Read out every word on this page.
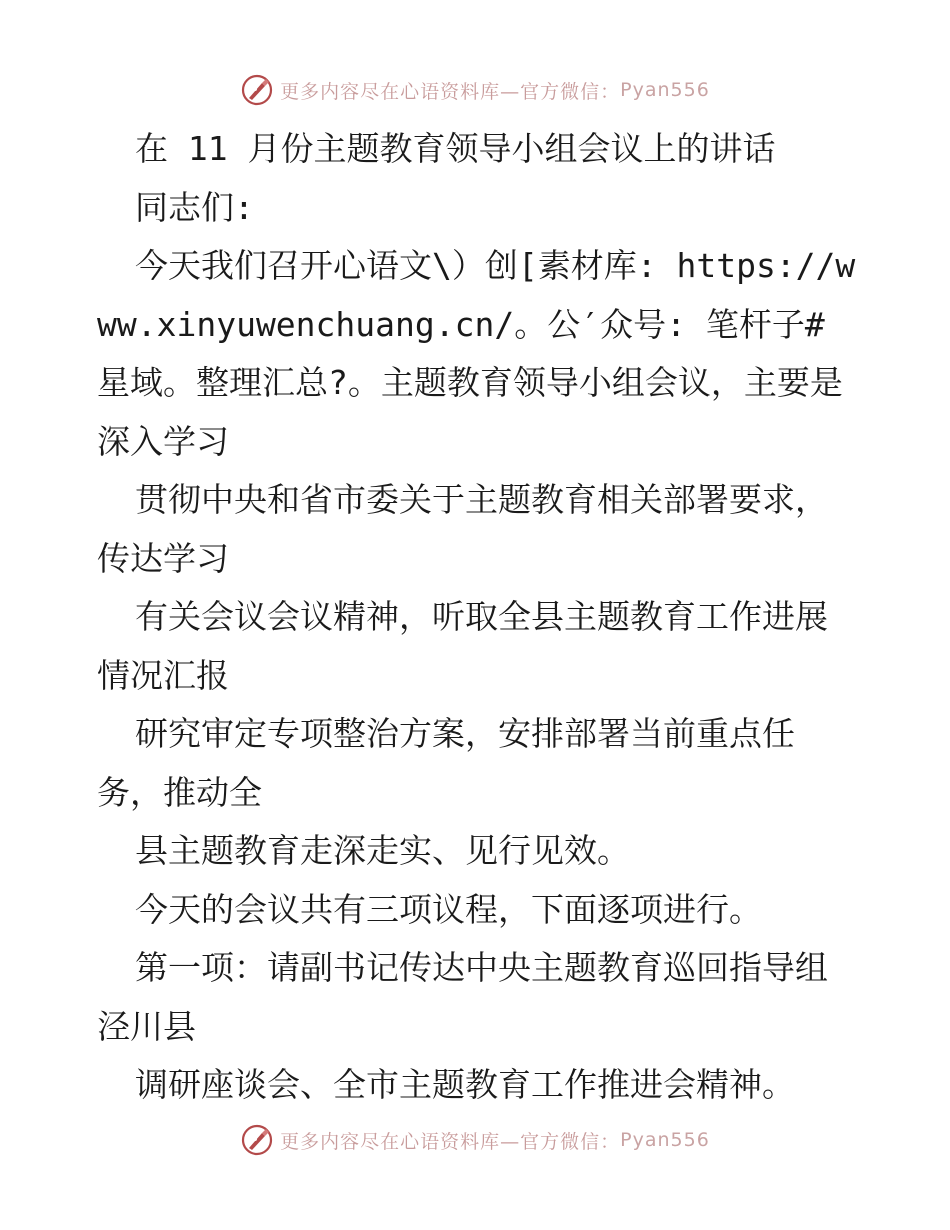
更多内容尽在心语资料库—官方微信： Pyan556

在 11 月份主题教育领导小组会议上的讲话

同志们:

今天我们召开心语文\）创[素材库: https://www.xinyuwenchuang.cn/。公′众号: 笔杆子#星域。整理汇总?。主题教育领导小组会议，主要是深入学习

贯彻中央和省市委关于主题教育相关部署要求，传达学习

有关会议会议精神，听取全县主题教育工作进展情况汇报

研究审定专项整治方案，安排部署当前重点任务，推动全

县主题教育走深走实、见行见效。

今天的会议共有三项议程，下面逐项进行。

第一项：请副书记传达中央主题教育巡回指导组泾川县

调研座谈会、全市主题教育工作推进会精神。

更多内容尽在心语资料库—官方微信： Pyan556
